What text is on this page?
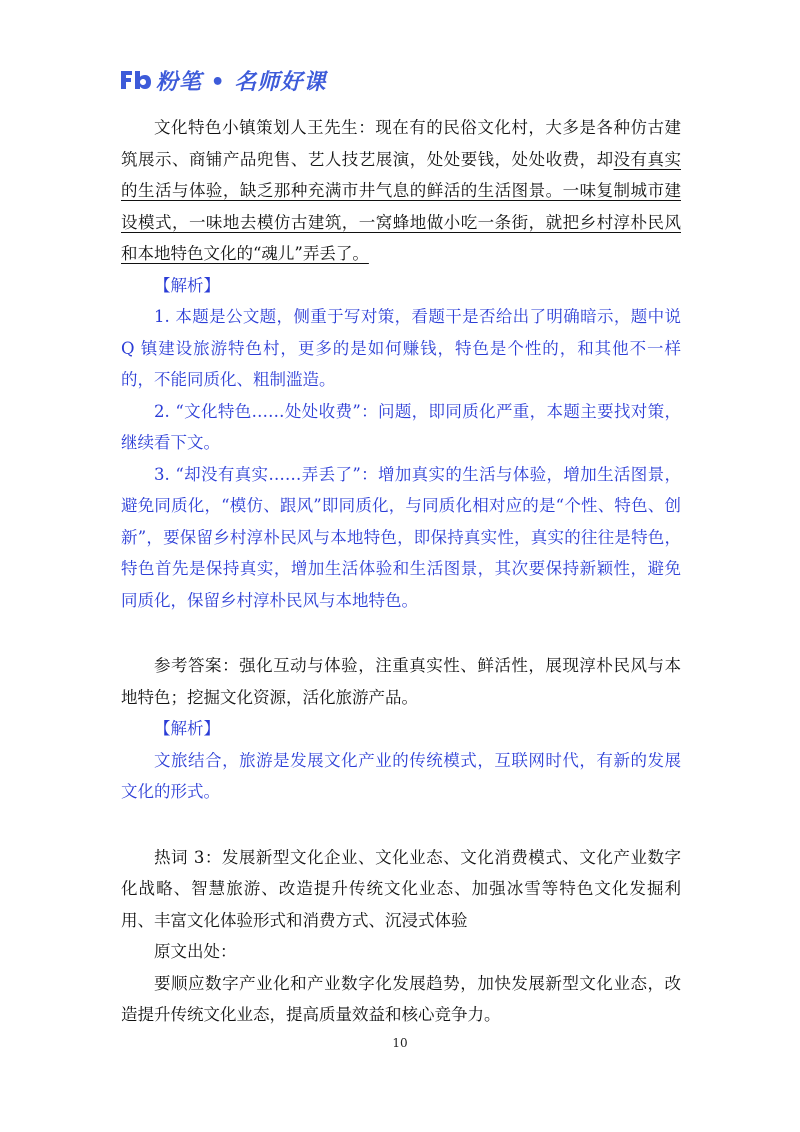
粉笔 • 名师好课

文化特色小镇策划人王先生：现在有的民俗文化村，大多是各种仿古建筑展示、商铺产品兜售、艺人技艺展演，处处要钱，处处收费，却没有真实的生活与体验，缺乏那种充满市井气息的鲜活的生活图景。一味复制城市建设模式，一味地去模仿古建筑，一窝蜂地做小吃一条街，就把乡村淳朴民风和本地特色文化的“魂儿”弄丢了。

【解析】

1. 本题是公文题，侧重于写对策，看题干是否给出了明确暗示，题中说 Q 镇建设旅游特色村，更多的是如何赚钱，特色是个性的，和其他不一样的，不能同质化、粗制滥造。

2. “文化特色……处处收费”：问题，即同质化严重，本题主要找对策，继续看下文。

3. “却没有真实……弄丢了”：增加真实的生活与体验，增加生活图景，避免同质化，“模仿、跟风”即同质化，与同质化相对应的是“个性、特色、创新”，要保留乡村淳朴民风与本地特色，即保持真实性，真实的往往是特色，特色首先是保持真实，增加生活体验和生活图景，其次要保持新颖性，避免同质化，保留乡村淳朴民风与本地特色。

参考答案：强化互动与体验，注重真实性、鲜活性，展现淳朴民风与本地特色；挖掘文化资源，活化旅游产品。

【解析】

文旅结合，旅游是发展文化产业的传统模式，互联网时代，有新的发展文化的形式。

热词 3：发展新型文化企业、文化业态、文化消费模式、文化产业数字化战略、智慧旅游、改造提升传统文化业态、加强冰雪等特色文化发掘利用、丰富文化体验形式和消费方式、沉浸式体验

原文出处：

要顺应数字产业化和产业数字化发展趋势，加快发展新型文化业态，改造提升传统文化业态，提高质量效益和核心竞争力。

10
